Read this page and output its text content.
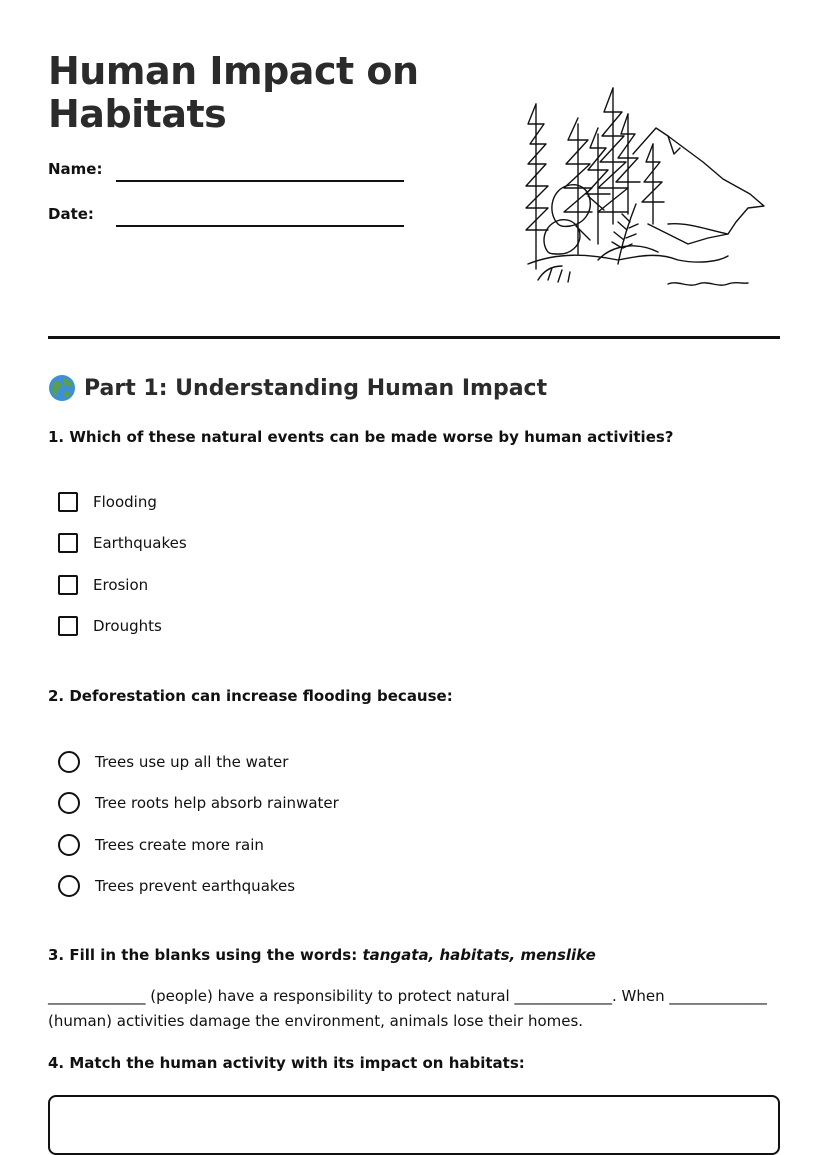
Human Impact on Habitats
Name:
Date:
Part 1: Understanding Human Impact
1. Which of these natural events can be made worse by human activities?
Flooding
Earthquakes
Erosion
Droughts
2. Deforestation can increase flooding because:
Trees use up all the water
Tree roots help absorb rainwater
Trees create more rain
Trees prevent earthquakes
3. Fill in the blanks using the words: tangata, habitats, menslike
_____________ (people) have a responsibility to protect natural _____________. When _____________ (human) activities damage the environment, animals lose their homes.
4. Match the human activity with its impact on habitats:
